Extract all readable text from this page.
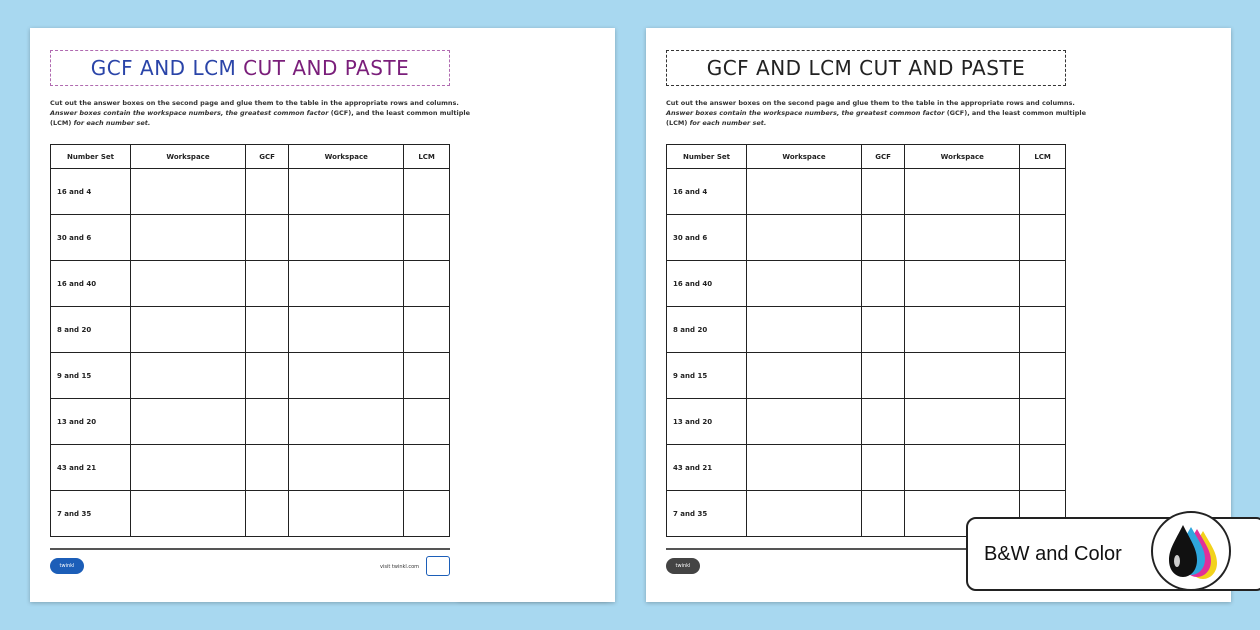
GCF AND LCM
CUT AND PASTE
Cut out the answer boxes on the second page and glue them to the table in the appropriate rows and columns. Answer boxes contain the workspace numbers, the greatest common factor (GCF), and the least common multiple (LCM) for each number set.
Number Set	Workspace	GCF	Workspace	LCM
16 and 4				
30 and 6				
16 and 40				
8 and 20				
9 and 15				
13 and 20				
43 and 21				
7 and 35				
twinkl	visit twinkl.com
GCF AND LCM CUT AND PASTE
Cut out the answer boxes on the second page and glue them to the table in the appropriate rows and columns. Answer boxes contain the workspace numbers, the greatest common factor (GCF), and the least common multiple (LCM) for each number set.
Number Set	Workspace	GCF	Workspace	LCM
16 and 4				
30 and 6				
16 and 40				
8 and 20				
9 and 15				
13 and 20				
43 and 21				
7 and 35				
twinkl
B&W and Color
